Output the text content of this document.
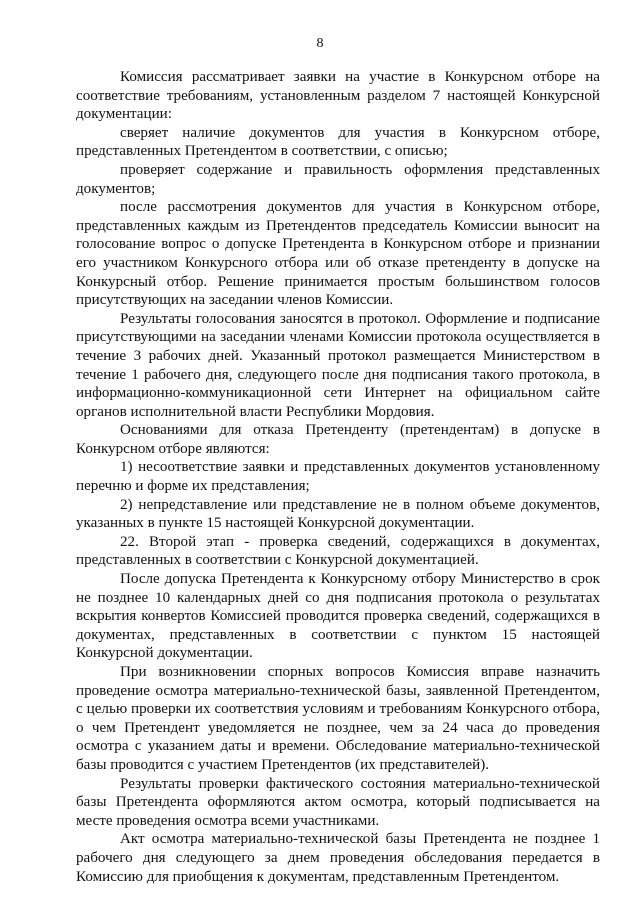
8

Комиссия рассматривает заявки на участие в Конкурсном отборе на соответствие требованиям, установленным разделом 7 настоящей Конкурсной документации:

сверяет наличие документов для участия в Конкурсном отборе, представленных Претендентом в соответствии, с описью;

проверяет содержание и правильность оформления представленных документов;

после рассмотрения документов для участия в Конкурсном отборе, представленных каждым из Претендентов председатель Комиссии выносит на голосование вопрос о допуске Претендента в Конкурсном отборе и признании его участником Конкурсного отбора или об отказе претенденту в допуске на Конкурсный отбор. Решение принимается простым большинством голосов присутствующих на заседании членов Комиссии.

Результаты голосования заносятся в протокол. Оформление и подписание присутствующими на заседании членами Комиссии протокола осуществляется в течение 3 рабочих дней. Указанный протокол размещается Министерством в течение 1 рабочего дня, следующего после дня подписания такого протокола, в информационно-коммуникационной сети Интернет на официальном сайте органов исполнительной власти Республики Мордовия.

Основаниями для отказа Претенденту (претендентам) в допуске в Конкурсном отборе являются:

1) несоответствие заявки и представленных документов установленному перечню и форме их представления;

2) непредставление или представление не в полном объеме документов, указанных в пункте 15 настоящей Конкурсной документации.

22. Второй этап - проверка сведений, содержащихся в документах, представленных в соответствии с Конкурсной документацией.

После допуска Претендента к Конкурсному отбору Министерство в срок не позднее 10 календарных дней со дня подписания протокола о результатах вскрытия конвертов Комиссией проводится проверка сведений, содержащихся в документах, представленных в соответствии с пунктом 15 настоящей Конкурсной документации.

При возникновении спорных вопросов Комиссия вправе назначить проведение осмотра материально-технической базы, заявленной Претендентом, с целью проверки их соответствия условиям и требованиям Конкурсного отбора, о чем Претендент уведомляется не позднее, чем за 24 часа до проведения осмотра с указанием даты и времени. Обследование материально-технической базы проводится с участием Претендентов (их представителей).

Результаты проверки фактического состояния материально-технической базы Претендента оформляются актом осмотра, который подписывается на месте проведения осмотра всеми участниками.

Акт осмотра материально-технической базы Претендента не позднее 1 рабочего дня следующего за днем проведения обследования передается в Комиссию для приобщения к документам, представленным Претендентом.
